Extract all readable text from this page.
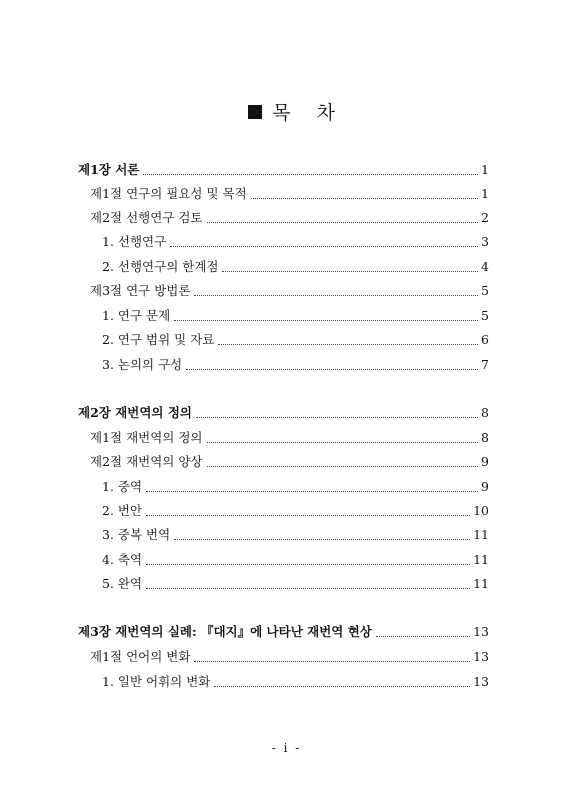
목   차

제1장 서론	1
제1절 연구의 필요성 및 목적	1
제2절 선행연구 검토	2
1. 선행연구	3
2. 선행연구의 한계점	4
제3절 연구 방법론	5
1. 연구 문제	5
2. 연구 범위 및 자료	6
3. 논의의 구성	7
제2장 재번역의 정의	8
제1절 재번역의 정의	8
제2절 재번역의 양상	9
1. 중역	9
2. 번안	10
3. 중복 번역	11
4. 축역	11
5. 완역	11
제3장 재번역의 실례: 『대지』에 나타난 재번역 현상	13
제1절 언어의 변화	13
1. 일반 어휘의 변화	13
- i -
